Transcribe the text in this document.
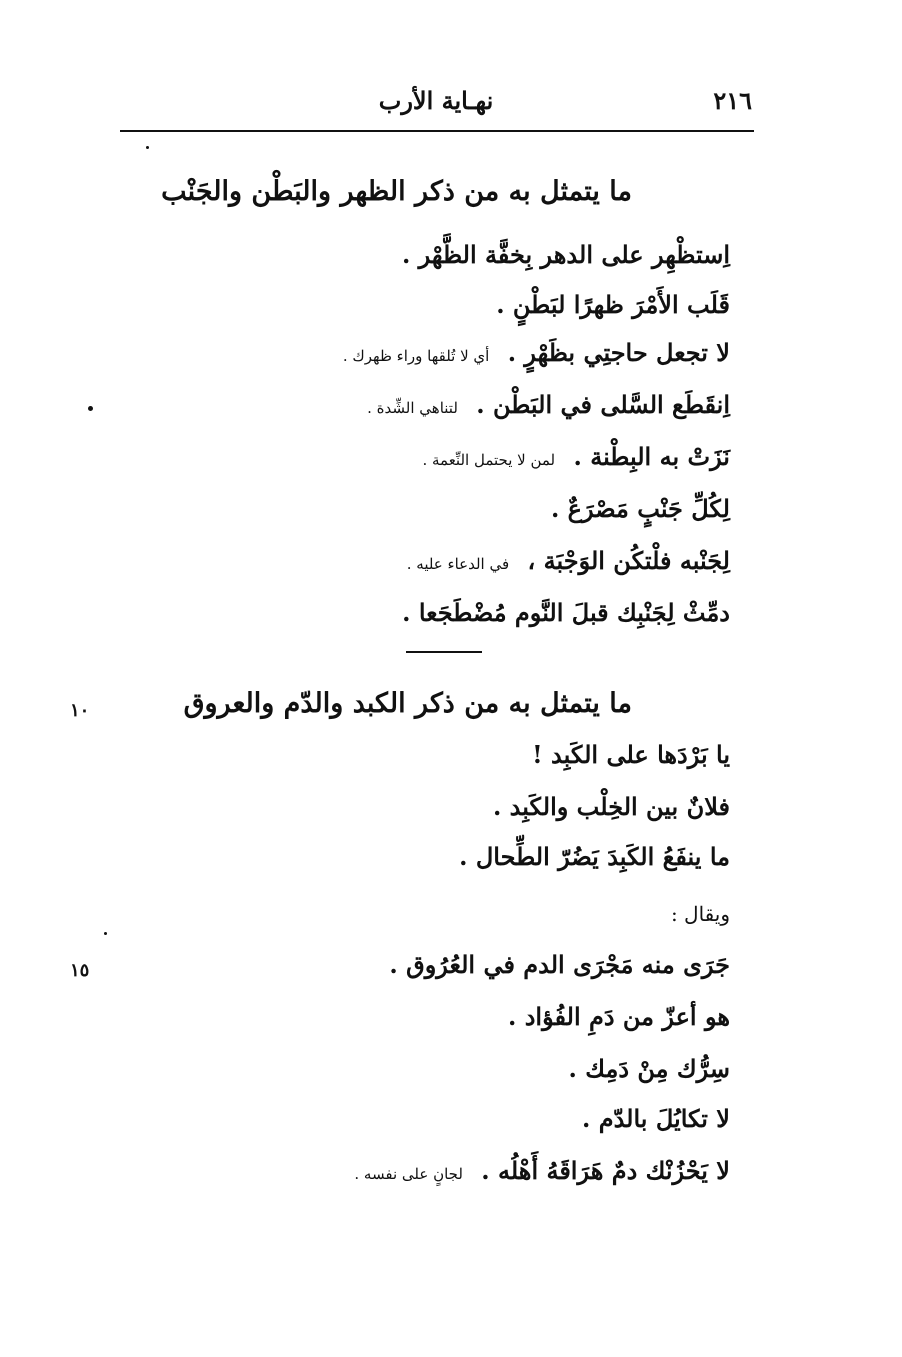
٢١٦
نهـاية الأرب
ما يتمثل به من ذكر الظهر والبَطْن والجَنْب
اِستظْهِر على الدهر بِخفَّة الظَّهْر .
قَلَب الأَمْرَ ظهرًا لبَطْنٍ .
لا تجعل حاجتِي بظَهْرٍ . أي لا تُلقها وراء ظهرك .
اِنقَطَع السَّلى في البَطْن . لتناهي الشِّدة .
نَزَتْ به البِطْنة . لمن لا يحتمل النِّعمة .
لِكُلِّ جَنْبٍ مَصْرَعٌ .
لِجَنْبه فلْتكُن الوَجْبَة ، في الدعاء عليه .
دمِّثْ لِجَنْبِك قبلَ النَّوم مُضْطَجَعا .
ما يتمثل به من ذكر الكبد والدّم والعروق
يا بَرْدَها على الكَبِد !
فلانٌ بين الخِلْب والكَبِد .
ما ينفَعُ الكَبِدَ يَضُرّ الطِّحال .
ويقال :
جَرَى منه مَجْرَى الدم في العُرُوق .
هو أعزّ من دَمِ الفُؤاد .
سِرُّك مِنْ دَمِك .
لا تكايُلَ بالدّم .
لا يَحْزُنْك دمٌ هَرَاقَهُ أَهْلُه . لجانٍ على نفسه .
١٠
١٥
